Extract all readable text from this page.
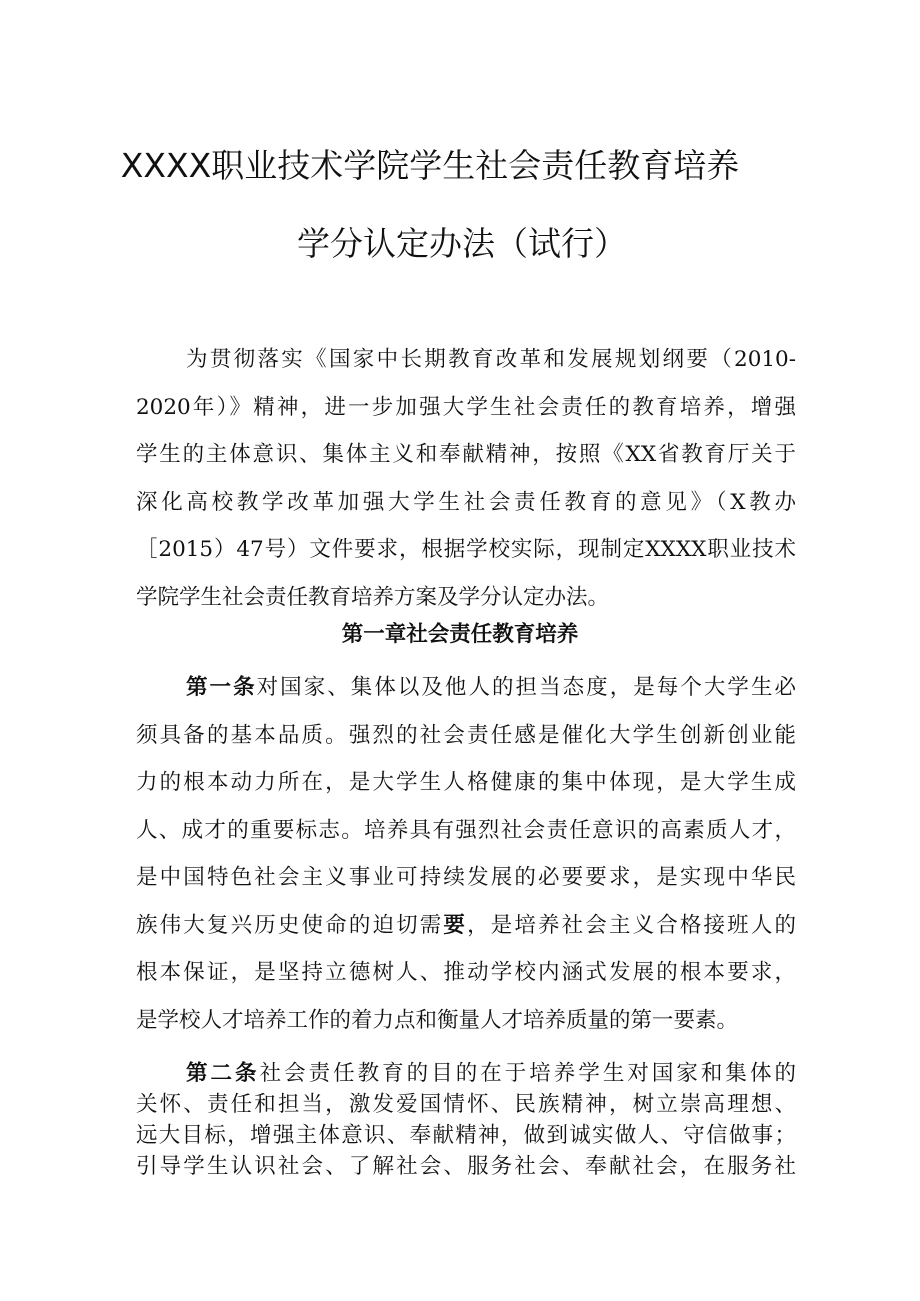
XXXX职业技术学院学生社会责任教育培养
学分认定办法（试行）
为贯彻落实《国家中长期教育改革和发展规划纲要（2010-
2020年）》精神，进一步加强大学生社会责任的教育培养，增强
学生的主体意识、集体主义和奉献精神，按照《XX省教育厅关于
深化高校教学改革加强大学生社会责任教育的意见》（X教办
［2015）47号）文件要求，根据学校实际，现制定XXXX职业技术
学院学生社会责任教育培养方案及学分认定办法。
第一章社会责任教育培养
第一条对国家、集体以及他人的担当态度，是每个大学生必
须具备的基本品质。强烈的社会责任感是催化大学生创新创业能
力的根本动力所在，是大学生人格健康的集中体现，是大学生成
人、成才的重要标志。培养具有强烈社会责任意识的高素质人才，
是中国特色社会主义事业可持续发展的必要要求，是实现中华民
族伟大复兴历史使命的迫切需要，是培养社会主义合格接班人的
根本保证，是坚持立德树人、推动学校内涵式发展的根本要求，
是学校人才培养工作的着力点和衡量人才培养质量的第一要素。
第二条社会责任教育的目的在于培养学生对国家和集体的
关怀、责任和担当，激发爱国情怀、民族精神，树立崇高理想、
远大目标，增强主体意识、奉献精神，做到诚实做人、守信做事；
引导学生认识社会、了解社会、服务社会、奉献社会，在服务社
